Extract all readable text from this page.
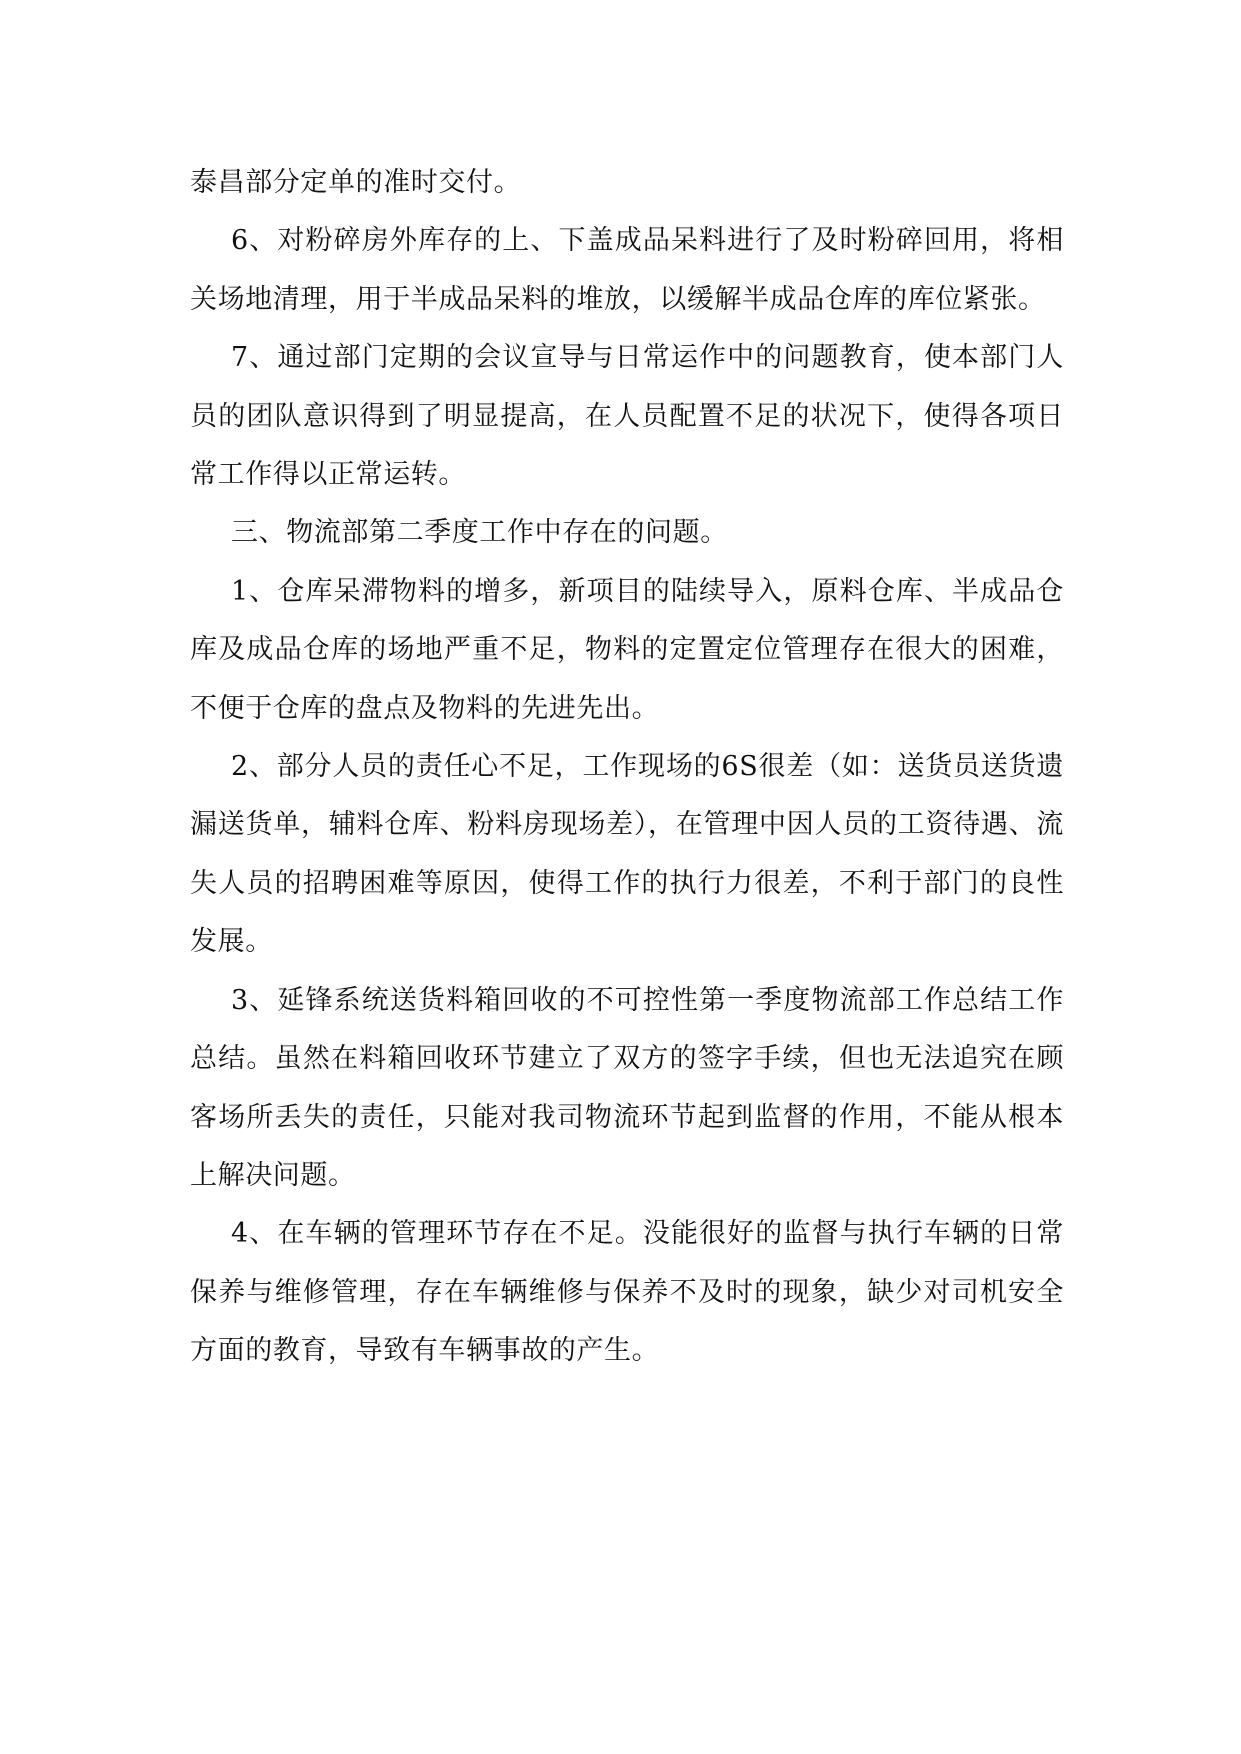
泰昌部分定单的准时交付。

6、对粉碎房外库存的上、下盖成品呆料进行了及时粉碎回用，将相关场地清理，用于半成品呆料的堆放，以缓解半成品仓库的库位紧张。

7、通过部门定期的会议宣导与日常运作中的问题教育，使本部门人员的团队意识得到了明显提高，在人员配置不足的状况下，使得各项日常工作得以正常运转。

三、物流部第二季度工作中存在的问题。

1、仓库呆滞物料的增多，新项目的陆续导入，原料仓库、半成品仓库及成品仓库的场地严重不足，物料的定置定位管理存在很大的困难，不便于仓库的盘点及物料的先进先出。

2、部分人员的责任心不足，工作现场的6S很差（如：送货员送货遗漏送货单，辅料仓库、粉料房现场差），在管理中因人员的工资待遇、流失人员的招聘困难等原因，使得工作的执行力很差，不利于部门的良性发展。

3、延锋系统送货料箱回收的不可控性第一季度物流部工作总结工作总结。虽然在料箱回收环节建立了双方的签字手续，但也无法追究在顾客场所丢失的责任，只能对我司物流环节起到监督的作用，不能从根本上解决问题。

4、在车辆的管理环节存在不足。没能很好的监督与执行车辆的日常保养与维修管理，存在车辆维修与保养不及时的现象，缺少对司机安全方面的教育，导致有车辆事故的产生。
